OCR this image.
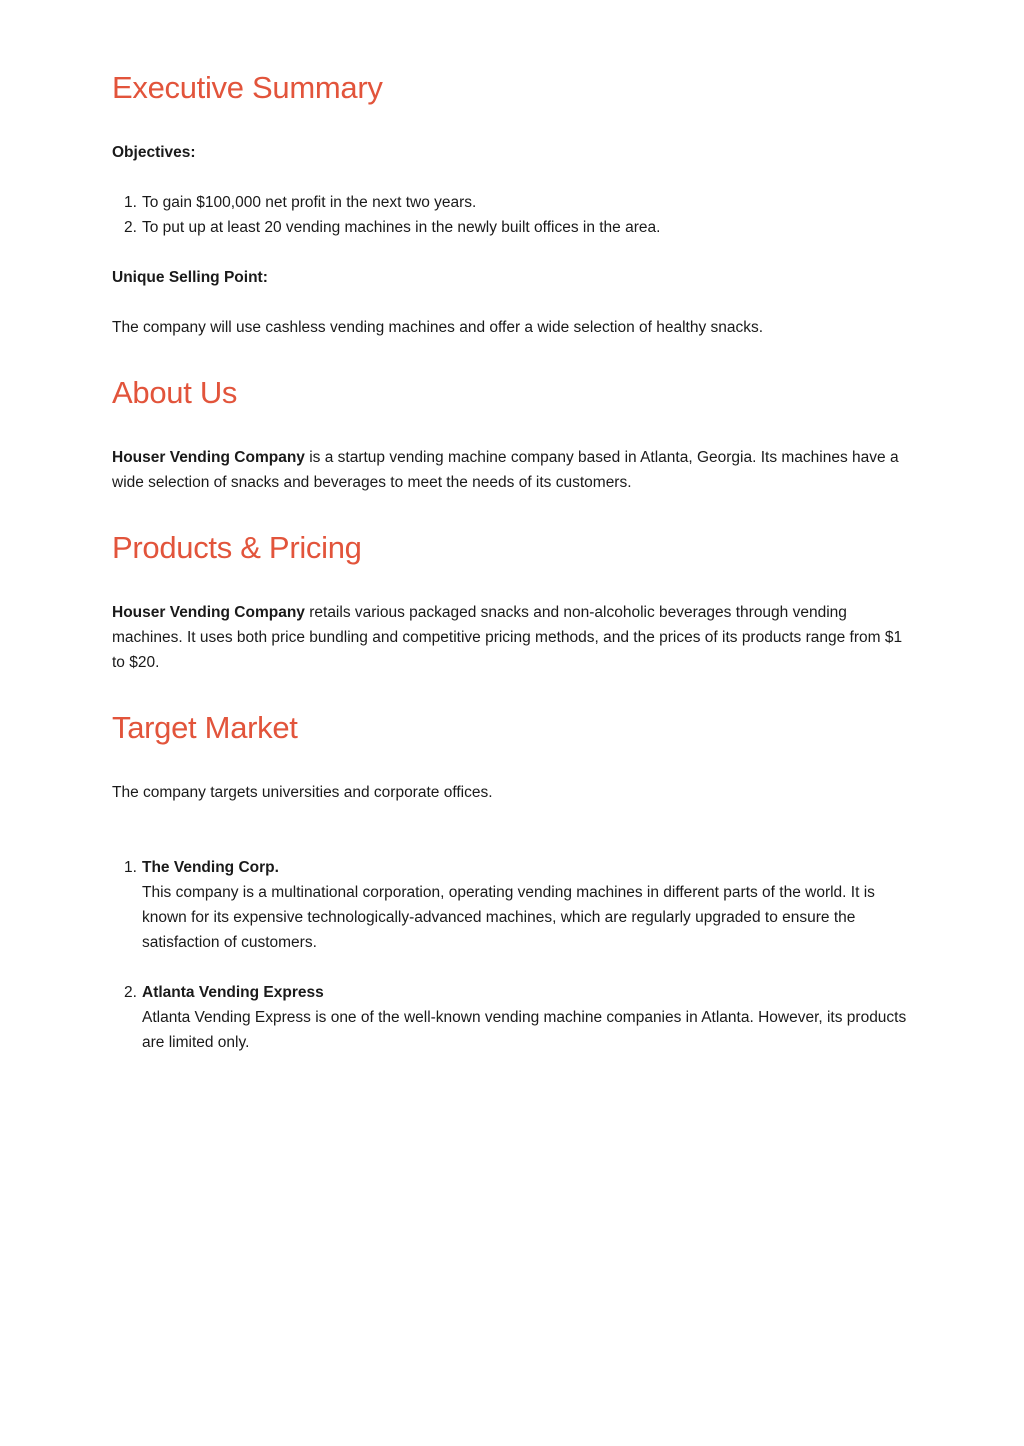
Executive Summary
Objectives:
1. To gain $100,000 net profit in the next two years.
2. To put up at least 20 vending machines in the newly built offices in the area.
Unique Selling Point:
The company will use cashless vending machines and offer a wide selection of healthy snacks.
About Us
Houser Vending Company is a startup vending machine company based in Atlanta, Georgia. Its machines have a wide selection of snacks and beverages to meet the needs of its customers.
Products & Pricing
Houser Vending Company retails various packaged snacks and non-alcoholic beverages through vending machines. It uses both price bundling and competitive pricing methods, and the prices of its products range from $1 to $20.
Target Market
The company targets universities and corporate offices.
1. The Vending Corp.
This company is a multinational corporation, operating vending machines in different parts of the world. It is known for its expensive technologically-advanced machines, which are regularly upgraded to ensure the satisfaction of customers.
2. Atlanta Vending Express
Atlanta Vending Express is one of the well-known vending machine companies in Atlanta. However, its products are limited only.
